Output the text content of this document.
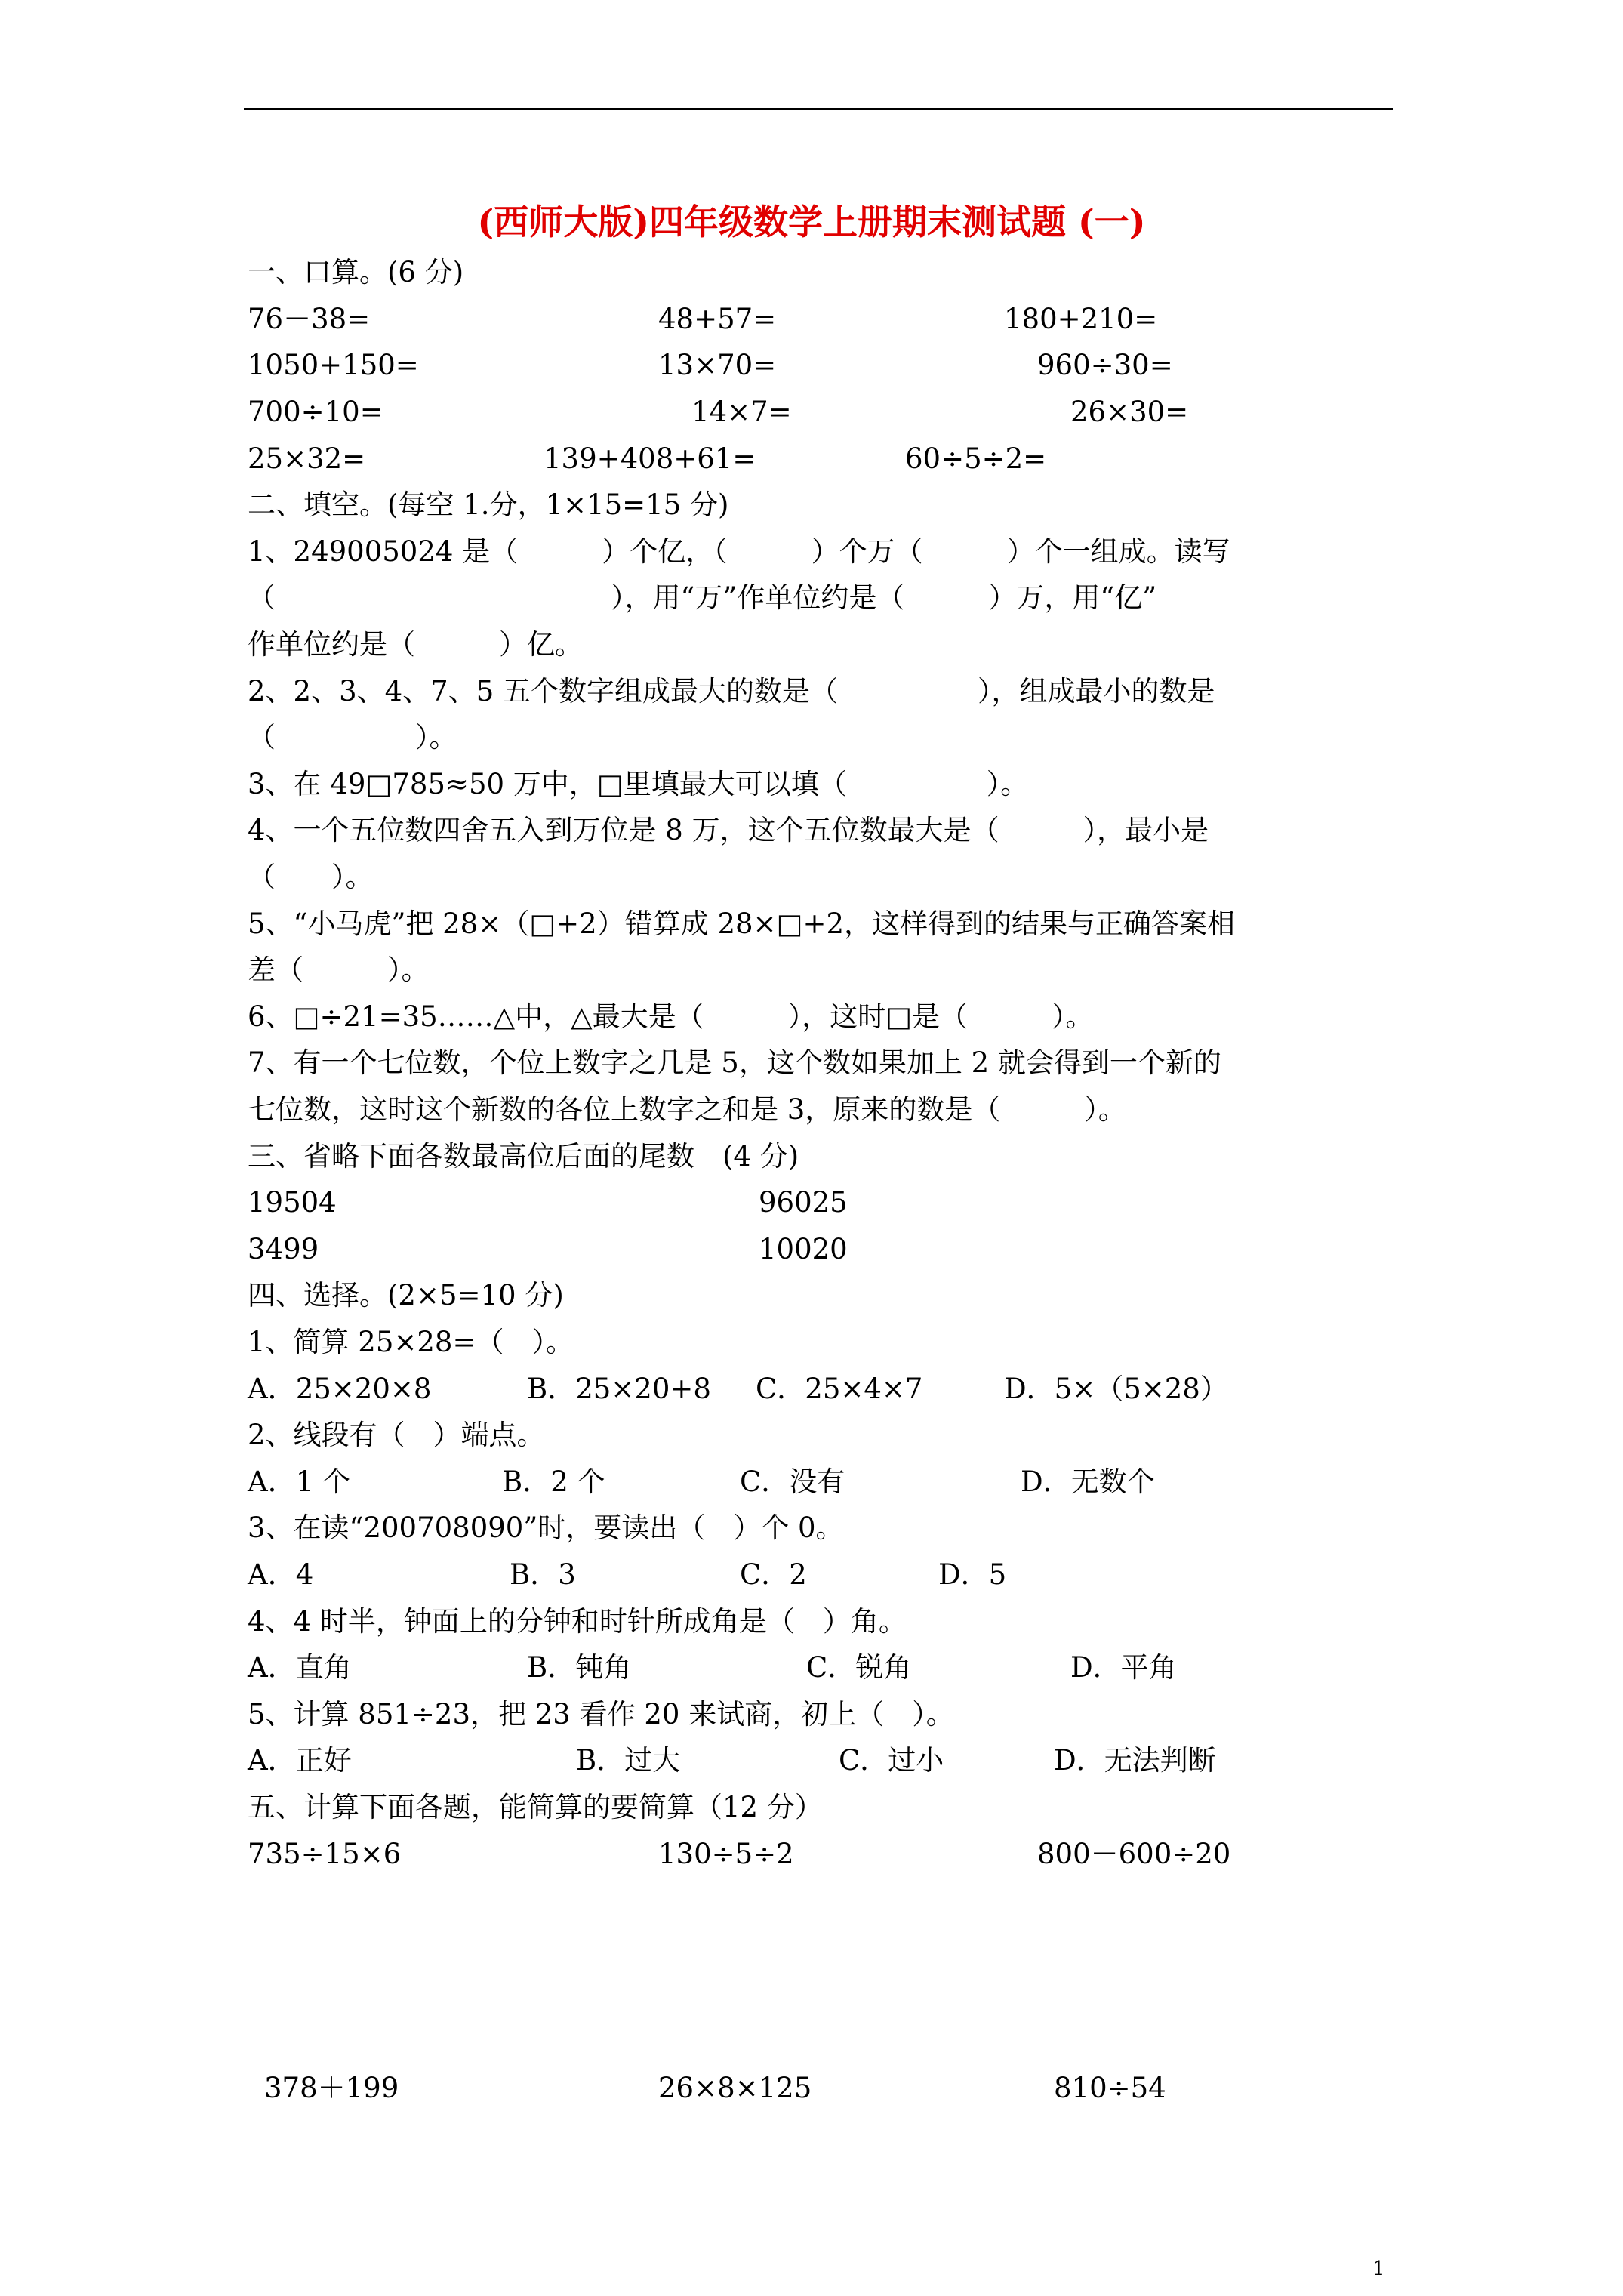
(西师大版)四年级数学上册期末测试题 (一)
一、口算。(6 分)
76－38=	48+57=	180+210=
1050+150=	13×70=	960÷30=
700÷10=	14×7=	26×30=
25×32=	139+408+61=	60÷5÷2=
二、填空。(每空 1.分，1×15=15 分)
1、249005024 是（　　　）个亿，（　　　）个万（　　　）个一组成。读写
（　　　　　　　　　　　　），用“万”作单位约是（　　　）万，用“亿”
作单位约是（　　　）亿。
2、2、3、4、7、5 五个数字组成最大的数是（　　　　　），组成最小的数是
（　　　　　）。
3、在 49□785≈50 万中，□里填最大可以填（　　　　　）。
4、一个五位数四舍五入到万位是 8 万，这个五位数最大是（　　　），最小是
（　　）。
5、“小马虎”把 28×（□+2）错算成 28×□+2，这样得到的结果与正确答案相
差（　　　）。
6、□÷21=35……△中，△最大是（　　　），这时□是（　　　）。
7、有一个七位数，个位上数字之几是 5，这个数如果加上 2 就会得到一个新的
七位数，这时这个新数的各位上数字之和是 3，原来的数是（　　　）。
三、省略下面各数最高位后面的尾数　(4 分)
19504	96025
3499	10020
四、选择。(2×5=10 分)
1、简算 25×28=（　）。
A．25×20×8	B．25×20+8 C．25×4×7	D．5×（5×28）
2、线段有（　）端点。
A．1 个	B．2 个	C．没有	D．无数个
3、在读“200708090”时，要读出（　）个 0。
A．4	B．3	C．2	D．5
4、4 时半，钟面上的分钟和时针所成角是（　）角。
A．直角	B．钝角	C．锐角	D．平角
5、计算 851÷23，把 23 看作 20 来试商，初上（　）。
A．正好	B．过大	C．过小	D．无法判断
五、计算下面各题，能简算的要简算（12 分）
735÷15×6	130÷5÷2	800－600÷20
378＋199	26×8×125	810÷54
1
